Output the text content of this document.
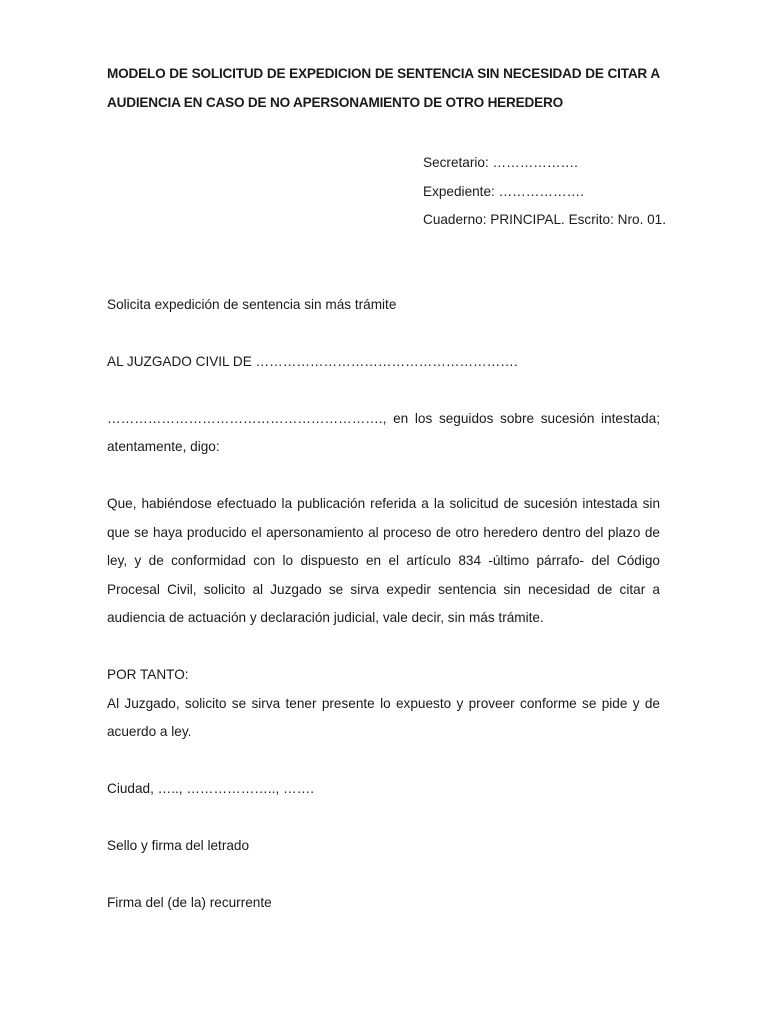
MODELO DE SOLICITUD DE EXPEDICION DE SENTENCIA SIN NECESIDAD DE CITAR A AUDIENCIA EN CASO DE NO APERSONAMIENTO DE OTRO HEREDERO
Secretario: ……………….
Expediente: ……………….
Cuaderno: PRINCIPAL. Escrito: Nro. 01.

Solicita expedición de sentencia sin más trámite

AL JUZGADO CIVIL DE ………………………………………………….

……………………………………………………., en los seguidos sobre sucesión intestada; atentamente, digo:

Que, habiéndose efectuado la publicación referida a la solicitud de sucesión intestada sin que se haya producido el apersonamiento al proceso de otro heredero dentro del plazo de ley, y de conformidad con lo dispuesto en el artículo 834 -último párrafo- del Código Procesal Civil, solicito al Juzgado se sirva expedir sentencia sin necesidad de citar a audiencia de actuación y declaración judicial, vale decir, sin más trámite.

POR TANTO:

Al Juzgado, solicito se sirva tener presente lo expuesto y proveer conforme se pide y de acuerdo a ley.

Ciudad, ….., ……………….., …….

Sello y firma del letrado

Firma del (de la) recurrente
